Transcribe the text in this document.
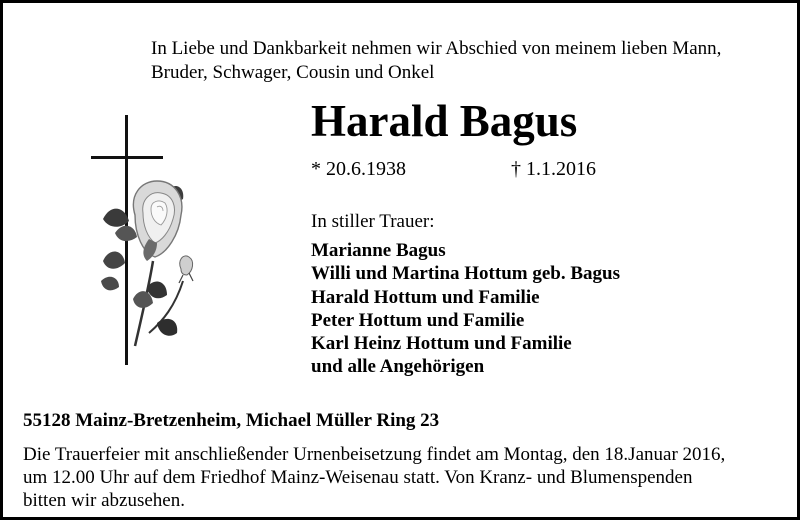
In Liebe und Dankbarkeit nehmen wir Abschied von meinem lieben Mann,
Bruder, Schwager, Cousin und Onkel
Harald Bagus
* 20.6.1938	† 1.1.2016
In stiller Trauer:
Marianne Bagus
Willi und Martina Hottum geb. Bagus
Harald Hottum und Familie
Peter Hottum und Familie
Karl Heinz Hottum und Familie
und alle Angehörigen
55128 Mainz-Bretzenheim, Michael Müller Ring 23
Die Trauerfeier mit anschließender Urnenbeisetzung findet am Montag, den 18.Januar 2016,
um 12.00 Uhr auf dem Friedhof Mainz-Weisenau statt. Von Kranz- und Blumenspenden
bitten wir abzusehen.
